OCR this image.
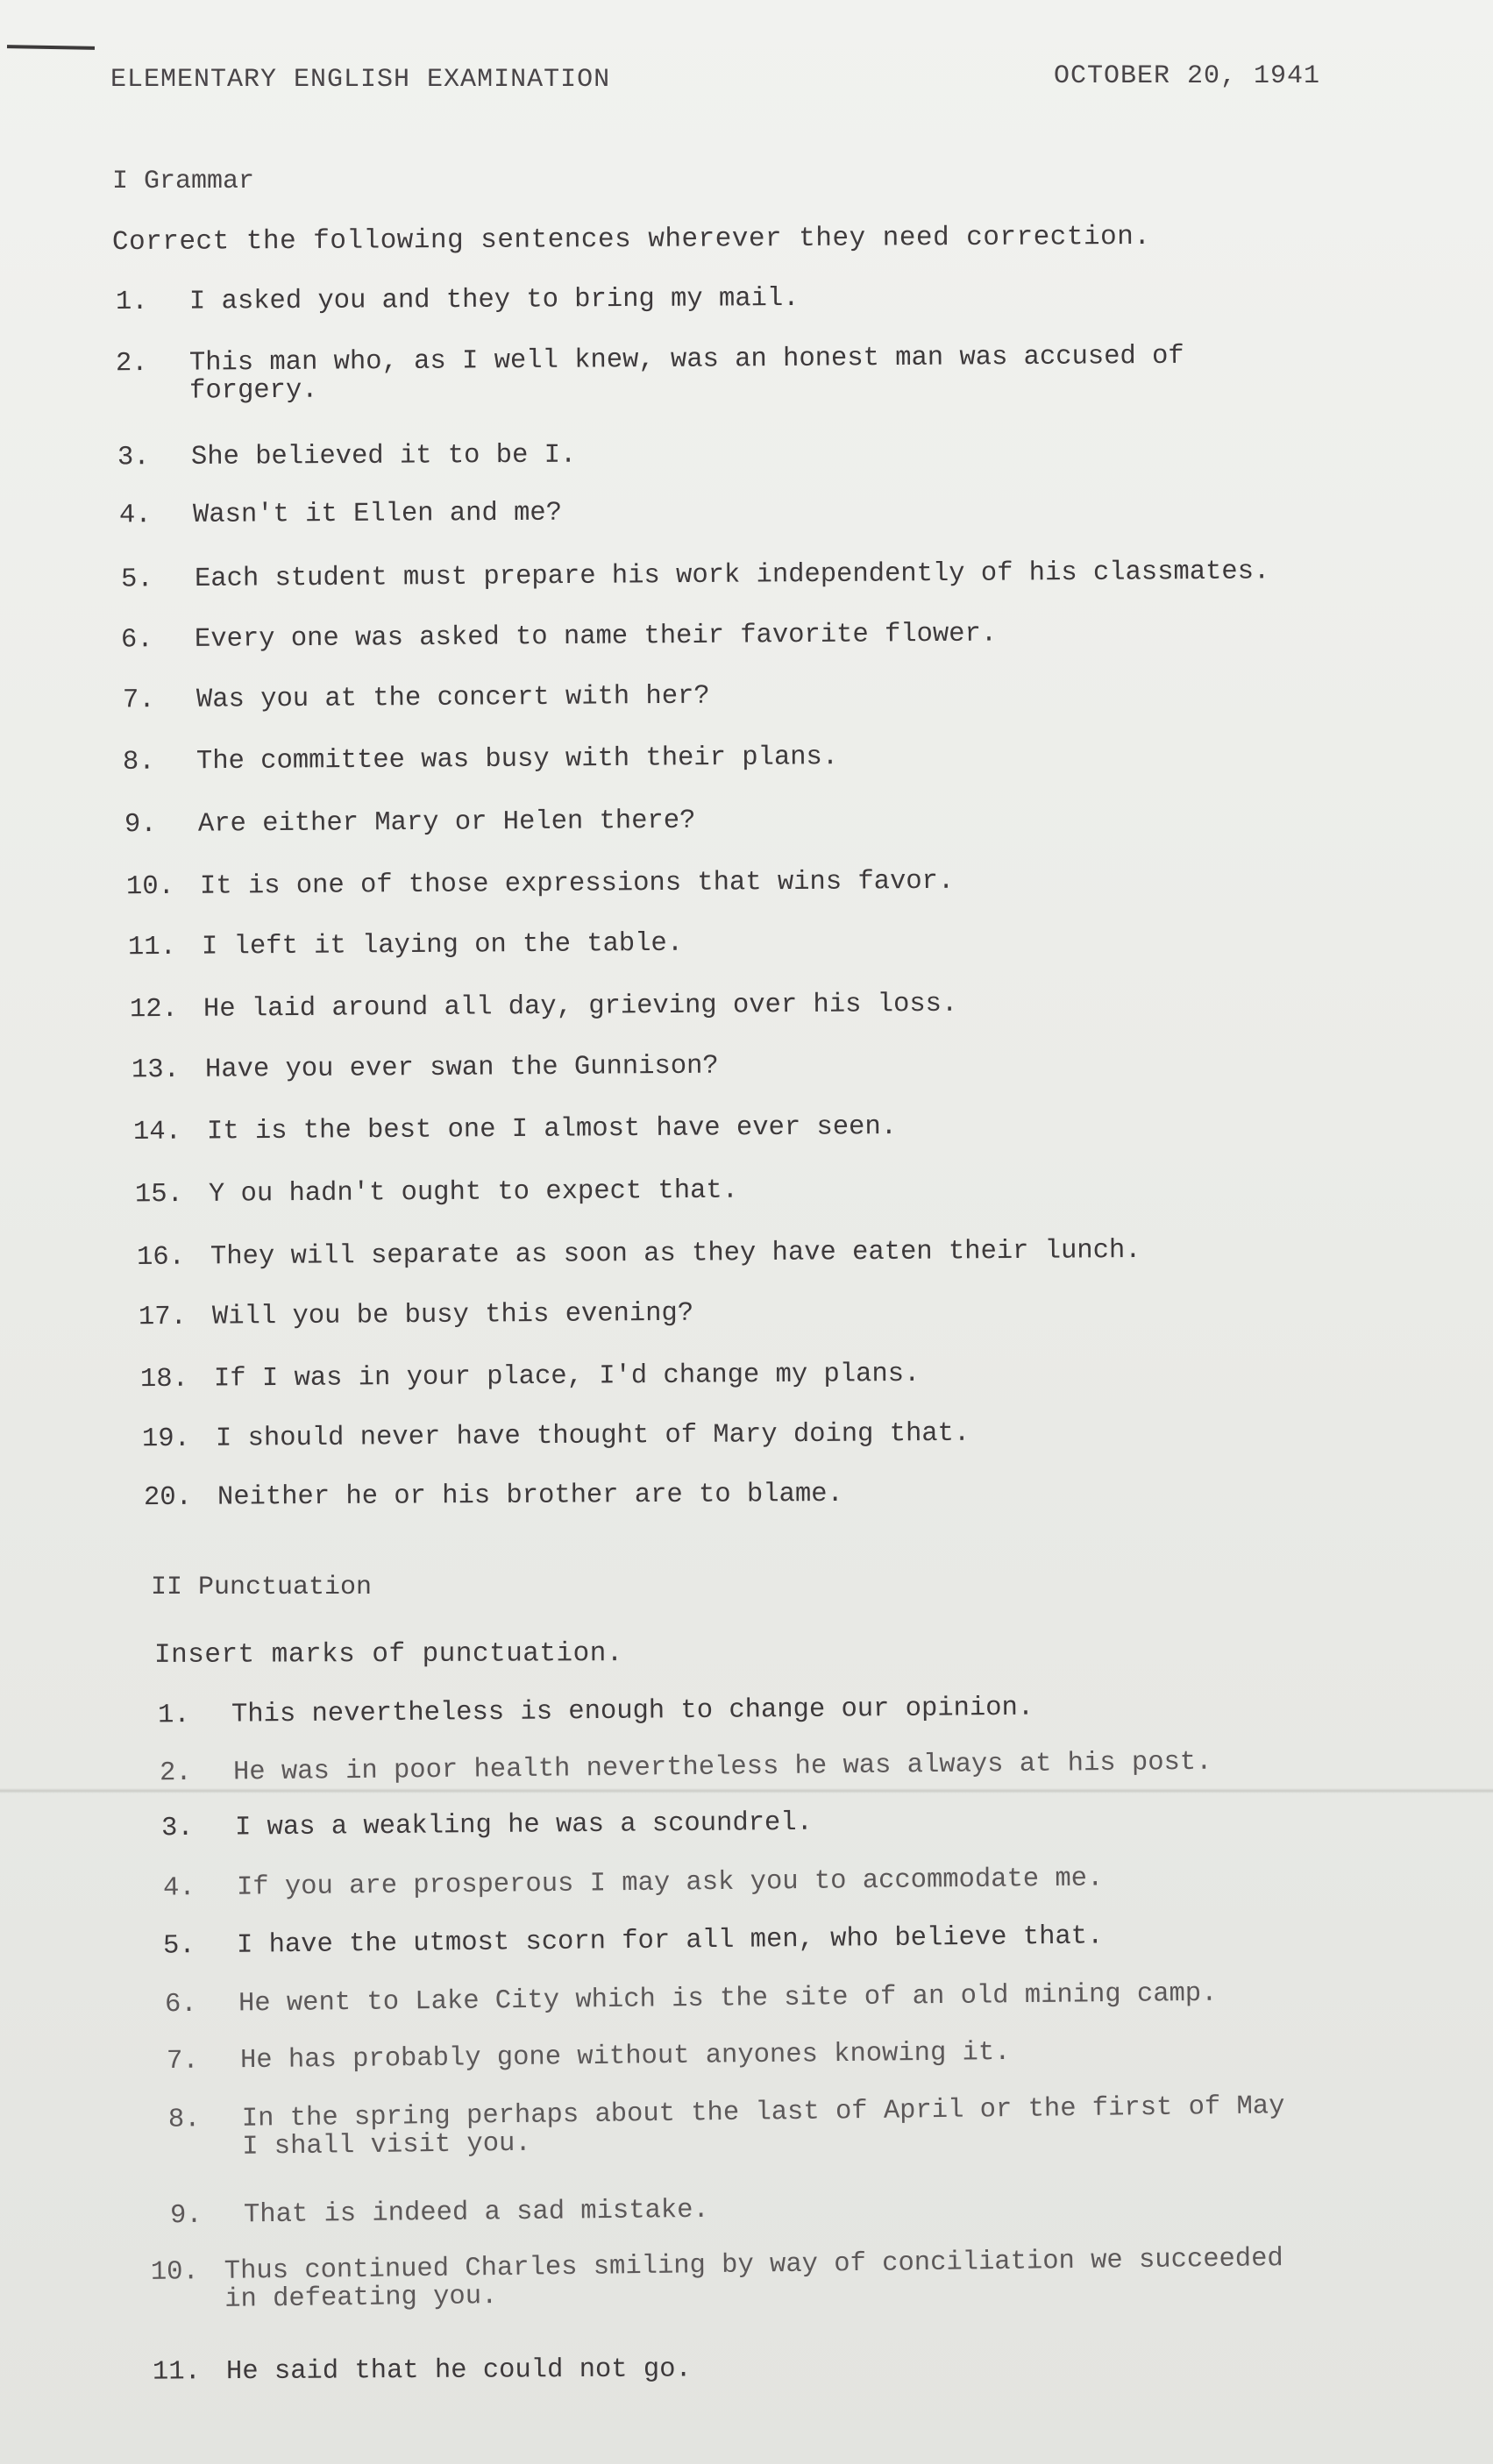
ELEMENTARY ENGLISH EXAMINATION	OCTOBER 20, 1941
I Grammar
Correct the following sentences wherever they need correction.
1. I asked you and they to bring my mail.
2. This man who, as I well knew, was an honest man was accused of
forgery.
3. She believed it to be I.
4. Wasn't it Ellen and me?
5. Each student must prepare his work independently of his classmates.
6. Every one was asked to name their favorite flower.
7. Was you at the concert with her?
8. The committee was busy with their plans.
9. Are either Mary or Helen there?
10. It is one of those expressions that wins favor.
11. I left it laying on the table.
12. He laid around all day, grieving over his loss.
13. Have you ever swan the Gunnison?
14. It is the best one I almost have ever seen.
15. Y ou hadn't ought to expect that.
16. They will separate as soon as they have eaten their lunch.
17. Will you be busy this evening?
18. If I was in your place, I'd change my plans.
19. I should never have thought of Mary doing that.
20. Neither he or his brother are to blame.
II Punctuation
Insert marks of punctuation.
1. This nevertheless is enough to change our opinion.
2. He was in poor health nevertheless he was always at his post.
3. I was a weakling he was a scoundrel.
4. If you are prosperous I may ask you to accommodate me.
5. I have the utmost scorn for all men, who believe that.
6. He went to Lake City which is the site of an old mining camp.
7. He has probably gone without anyones knowing it.
8. In the spring perhaps about the last of April or the first of May
I shall visit you.
9. That is indeed a sad mistake.
10. Thus continued Charles smiling by way of conciliation we succeeded
in defeating you.
11. He said that he could not go.
